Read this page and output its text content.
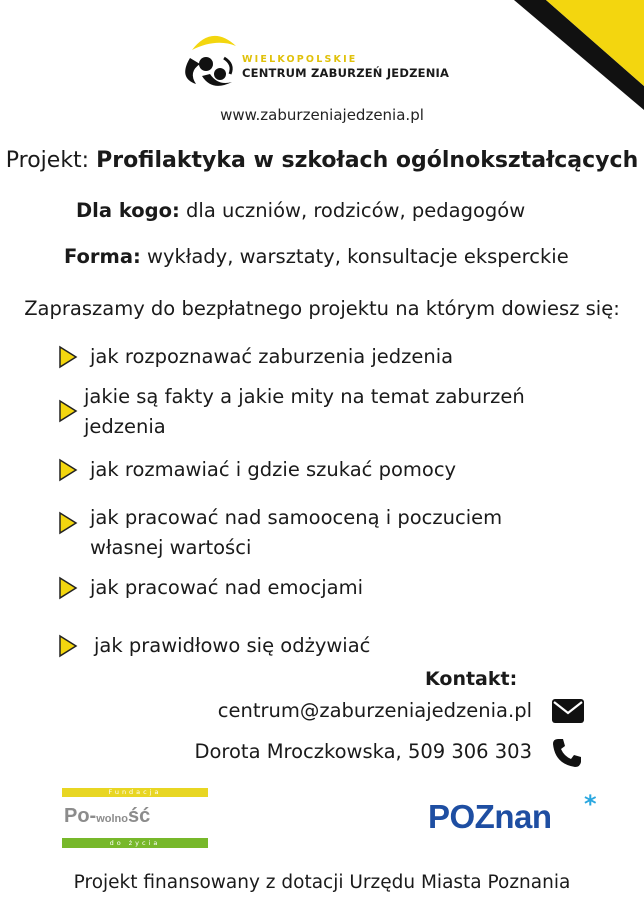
WIELKOPOLSKIE
CENTRUM ZABURZEŃ JEDZENIA
www.zaburzeniajedzenia.pl
Projekt: Profilaktyka w szkołach ogólnokształcących
Dla kogo: dla uczniów, rodziców, pedagogów
Forma: wykłady, warsztaty, konsultacje eksperckie
Zapraszamy do bezpłatnego projektu na którym dowiesz się:
jak rozpoznawać zaburzenia jedzenia
jakie są fakty a jakie mity na temat zaburzeń
jedzenia
jak rozmawiać i gdzie szukać pomocy
jak pracować nad samooceną i poczuciem
własnej wartości
jak pracować nad emocjami
jak prawidłowo się odżywiać
Kontakt:
centrum@zaburzeniajedzenia.pl
Dorota Mroczkowska, 509 306 303
Fundacja
Po-wolność
do życia
POZnan *
Projekt finansowany z dotacji Urzędu Miasta Poznania
